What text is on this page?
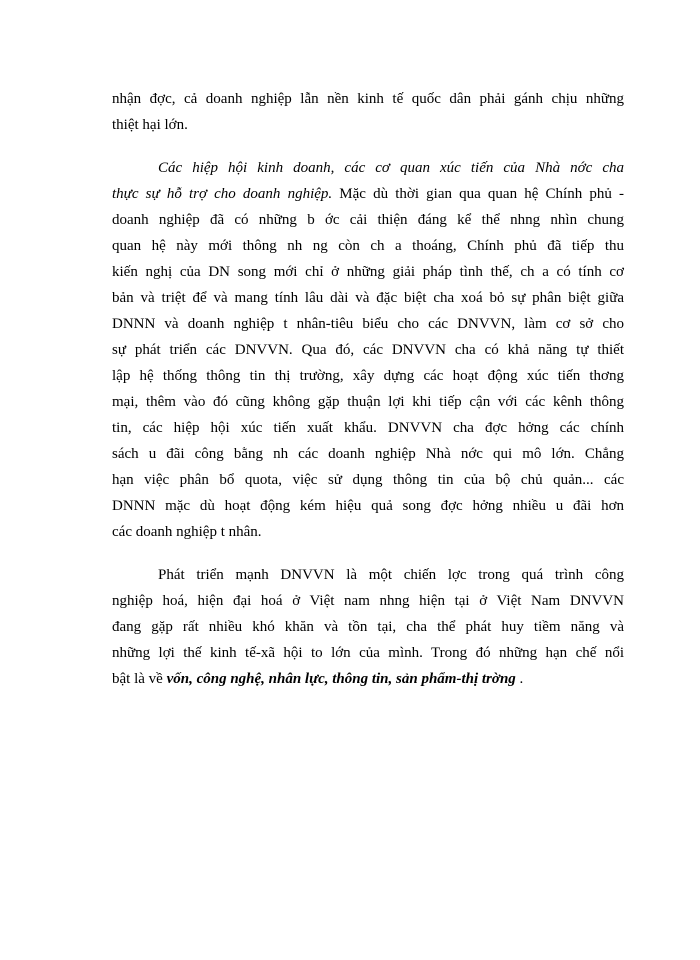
nhận đợc, cả doanh nghiệp lẫn nền kinh tế quốc dân phải gánh chịu những
thiệt hại lớn.
Các hiệp hội kinh doanh, các cơ quan xúc tiến của Nhà nớc cha
thực sự hỗ trợ cho doanh nghiệp. Mặc dù thời gian qua quan hệ Chính phủ -
doanh nghiệp đã có những b ớc cải thiện đáng kể thể nhng nhìn chung
quan hệ này mới thông nh ng còn ch a thoáng, Chính phủ đã tiếp thu
kiến nghị của DN song mới chỉ ở những giải pháp tình thế, ch a có tính cơ
bản và triệt để và mang tính lâu dài và đặc biệt cha xoá bỏ sự phân biệt giữa
DNNN và doanh nghiệp t nhân-tiêu biểu cho các DNVVN, làm cơ sở cho
sự phát triển các DNVVN. Qua đó, các DNVVN cha có khả năng tự thiết
lập hệ thống thông tin thị trường, xây dựng các hoạt động xúc tiến thơng
mại, thêm vào đó cũng không gặp thuận lợi khi tiếp cận với các kênh thông
tin, các hiệp hội xúc tiến xuất khẩu. DNVVN cha đợc hởng các chính
sách u đãi công bằng nh các doanh nghiệp Nhà nớc qui mô lớn. Chẳng
hạn việc phân bổ quota, việc sử dụng thông tin của bộ chủ quản... các
DNNN mặc dù hoạt động kém hiệu quả song đợc hởng nhiều u đãi hơn
các doanh nghiệp t nhân.
Phát triển mạnh DNVVN là một chiến lợc trong quá trình công
nghiệp hoá, hiện đại hoá ở Việt nam nhng hiện tại ở Việt Nam DNVVN
đang gặp rất nhiều khó khăn và tồn tại, cha thể phát huy tiềm năng và
những lợi thế kinh tế-xã hội to lớn của mình. Trong đó những hạn chế nổi
bật là về vốn, công nghệ, nhân lực, thông tin, sản phẩm-thị trờng .
